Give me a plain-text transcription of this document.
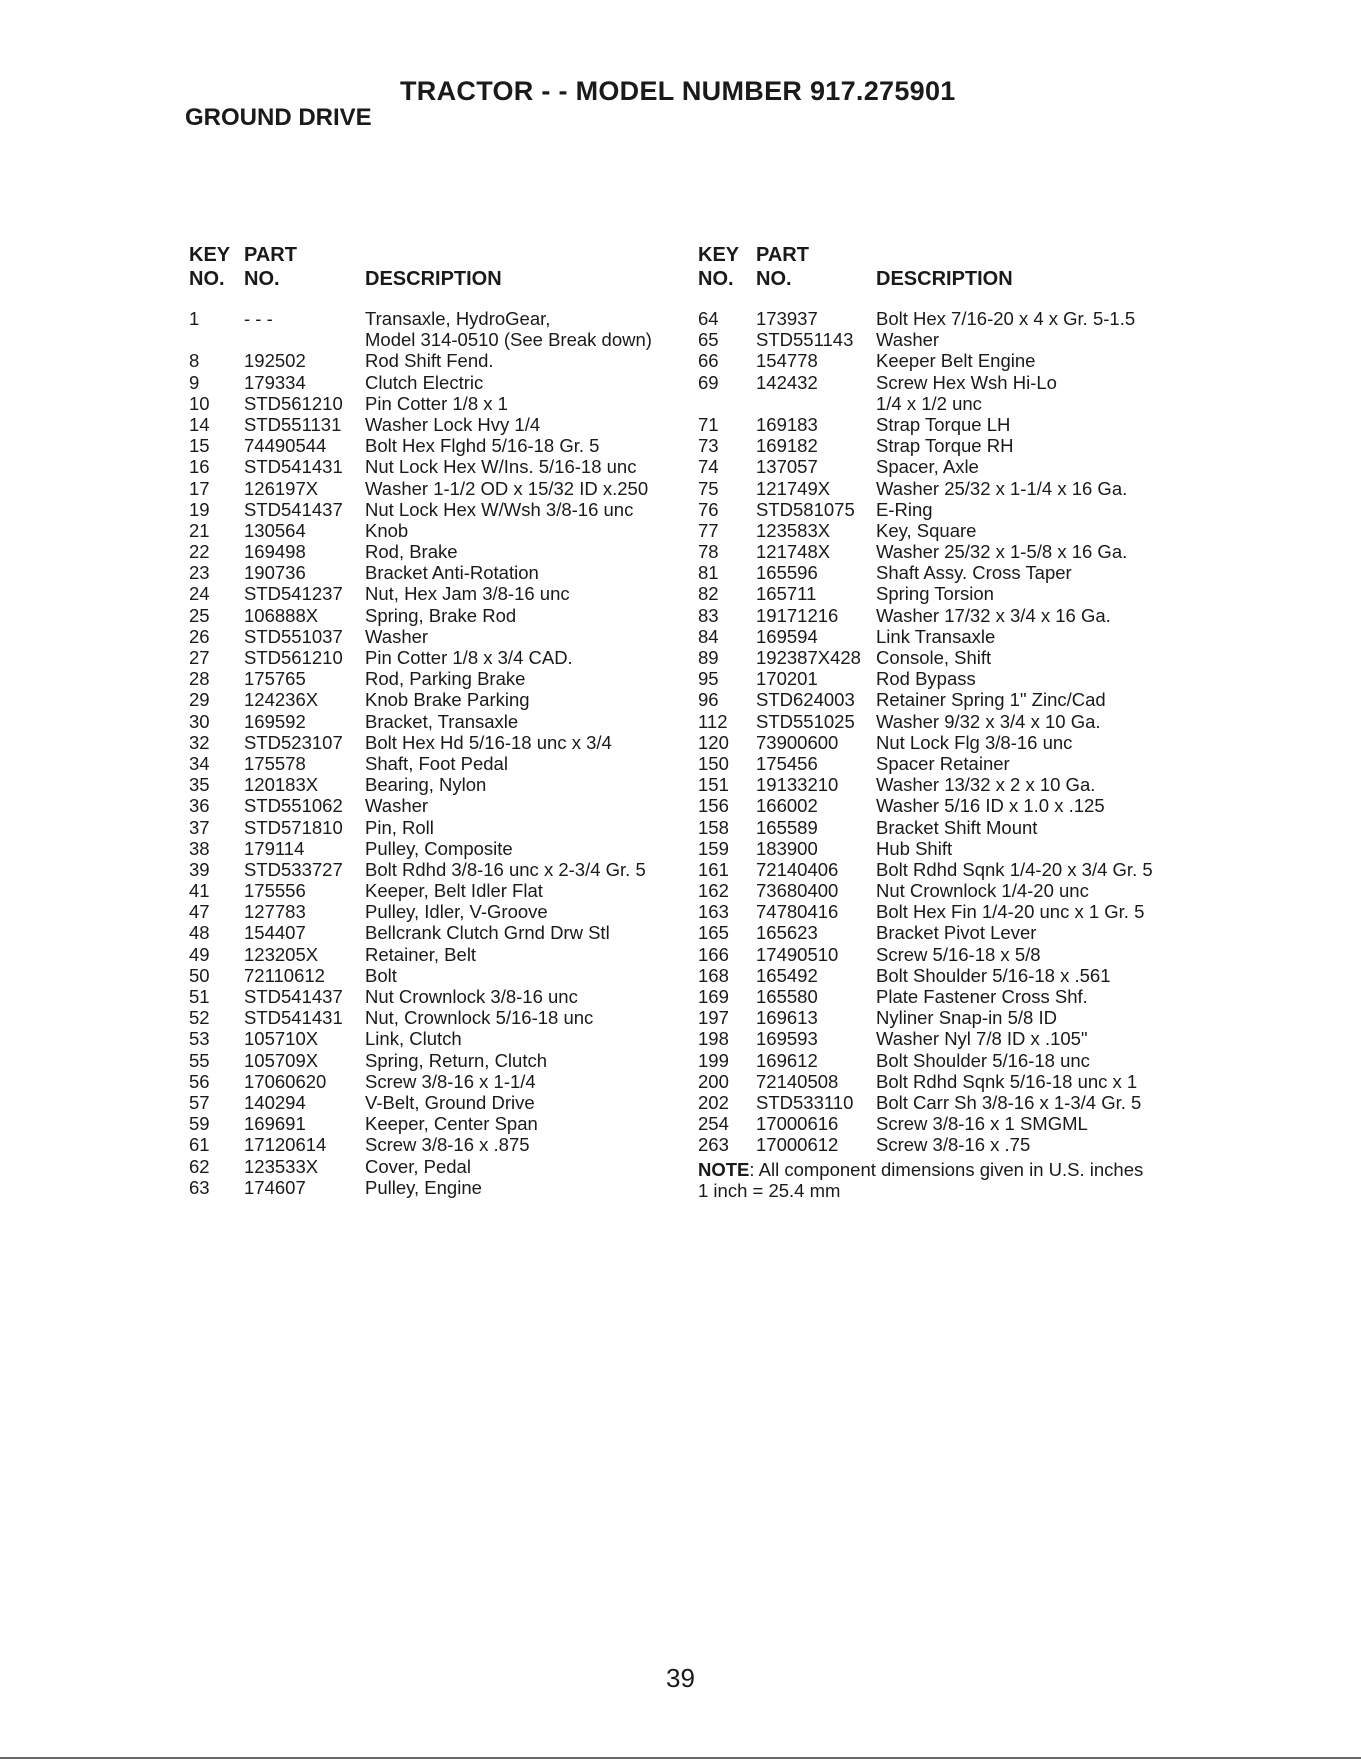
TRACTOR - - MODEL NUMBER 917.275901
GROUND DRIVE
KEY PART
NO. NO.	DESCRIPTION
1 - - -	Transaxle, HydroGear,
Model 314-0510 (See Break down)
8 192502	Rod Shift Fend.
9 179334	Clutch Electric
10 STD561210 Pin Cotter 1/8 x 1
14 STD551131 Washer Lock Hvy 1/4
15 74490544 Bolt Hex Flghd 5/16-18 Gr. 5
16 STD541431 Nut Lock Hex W/Ins. 5/16-18 unc
17 126197X	Washer 1-1/2 OD x 15/32 ID x.250
19 STD541437 Nut Lock Hex W/Wsh 3/8-16 unc
21 130564	Knob
22 169498	Rod, Brake
23 190736	Bracket Anti-Rotation
24 STD541237 Nut, Hex Jam 3/8-16 unc
25 106888X	Spring, Brake Rod
26 STD551037 Washer
27 STD561210 Pin Cotter 1/8 x 3/4 CAD.
28 175765	Rod, Parking Brake
29 124236X	Knob Brake Parking
30 169592	Bracket, Transaxle
32 STD523107 Bolt Hex Hd 5/16-18 unc x 3/4
34 175578	Shaft, Foot Pedal
35 120183X	Bearing, Nylon
36 STD551062 Washer
37 STD571810 Pin, Roll
38 179114	Pulley, Composite
39 STD533727 Bolt Rdhd 3/8-16 unc x 2-3/4 Gr. 5
41 175556	Keeper, Belt Idler Flat
47 127783	Pulley, Idler, V-Groove
48 154407	Bellcrank Clutch Grnd Drw Stl
49 123205X	Retainer, Belt
50 72110612 Bolt
51 STD541437 Nut Crownlock 3/8-16 unc
52 STD541431 Nut, Crownlock 5/16-18 unc
53 105710X	Link, Clutch
55 105709X	Spring, Return, Clutch
56 17060620 Screw 3/8-16 x 1-1/4
57 140294	V-Belt, Ground Drive
59 169691	Keeper, Center Span
61 17120614 Screw 3/8-16 x .875
62 123533X	Cover, Pedal
63 174607	Pulley, Engine
KEY PART
NO. NO.	DESCRIPTION
64 173937	Bolt Hex 7/16-20 x 4 x Gr. 5-1.5
65 STD551143 Washer
66 154778	Keeper Belt Engine
69 142432	Screw Hex Wsh Hi-Lo
1/4 x 1/2 unc
71 169183	Strap Torque LH
73 169182	Strap Torque RH
74 137057	Spacer, Axle
75 121749X Washer 25/32 x 1-1/4 x 16 Ga.
76 STD581075 E-Ring
77 123583X Key, Square
78 121748X Washer 25/32 x 1-5/8 x 16 Ga.
81 165596	Shaft Assy. Cross Taper
82 165711	Spring Torsion
83 19171216 Washer 17/32 x 3/4 x 16 Ga.
84 169594	Link Transaxle
89 192387X428 Console, Shift
95 170201	Rod Bypass
96 STD624003 Retainer Spring 1" Zinc/Cad
112 STD551025 Washer 9/32 x 3/4 x 10 Ga.
120 73900600 Nut Lock Flg 3/8-16 unc
150 175456	Spacer Retainer
151 19133210 Washer 13/32 x 2 x 10 Ga.
156 166002	Washer 5/16 ID x 1.0 x .125
158 165589	Bracket Shift Mount
159 183900	Hub Shift
161 72140406 Bolt Rdhd Sqnk 1/4-20 x 3/4 Gr. 5
162 73680400 Nut Crownlock 1/4-20 unc
163 74780416 Bolt Hex Fin 1/4-20 unc x 1 Gr. 5
165 165623	Bracket Pivot Lever
166 17490510 Screw 5/16-18 x 5/8
168 165492	Bolt Shoulder 5/16-18 x .561
169 165580	Plate Fastener Cross Shf.
197 169613	Nyliner Snap-in 5/8 ID
198 169593	Washer Nyl 7/8 ID x .105"
199 169612	Bolt Shoulder 5/16-18 unc
200 72140508 Bolt Rdhd Sqnk 5/16-18 unc x 1
202 STD533110 Bolt Carr Sh 3/8-16 x 1-3/4 Gr. 5
254 17000616 Screw 3/8-16 x 1 SMGML
263 17000612 Screw 3/8-16 x .75
NOTE: All component dimensions given in U.S. inches
1 inch = 25.4 mm
39
